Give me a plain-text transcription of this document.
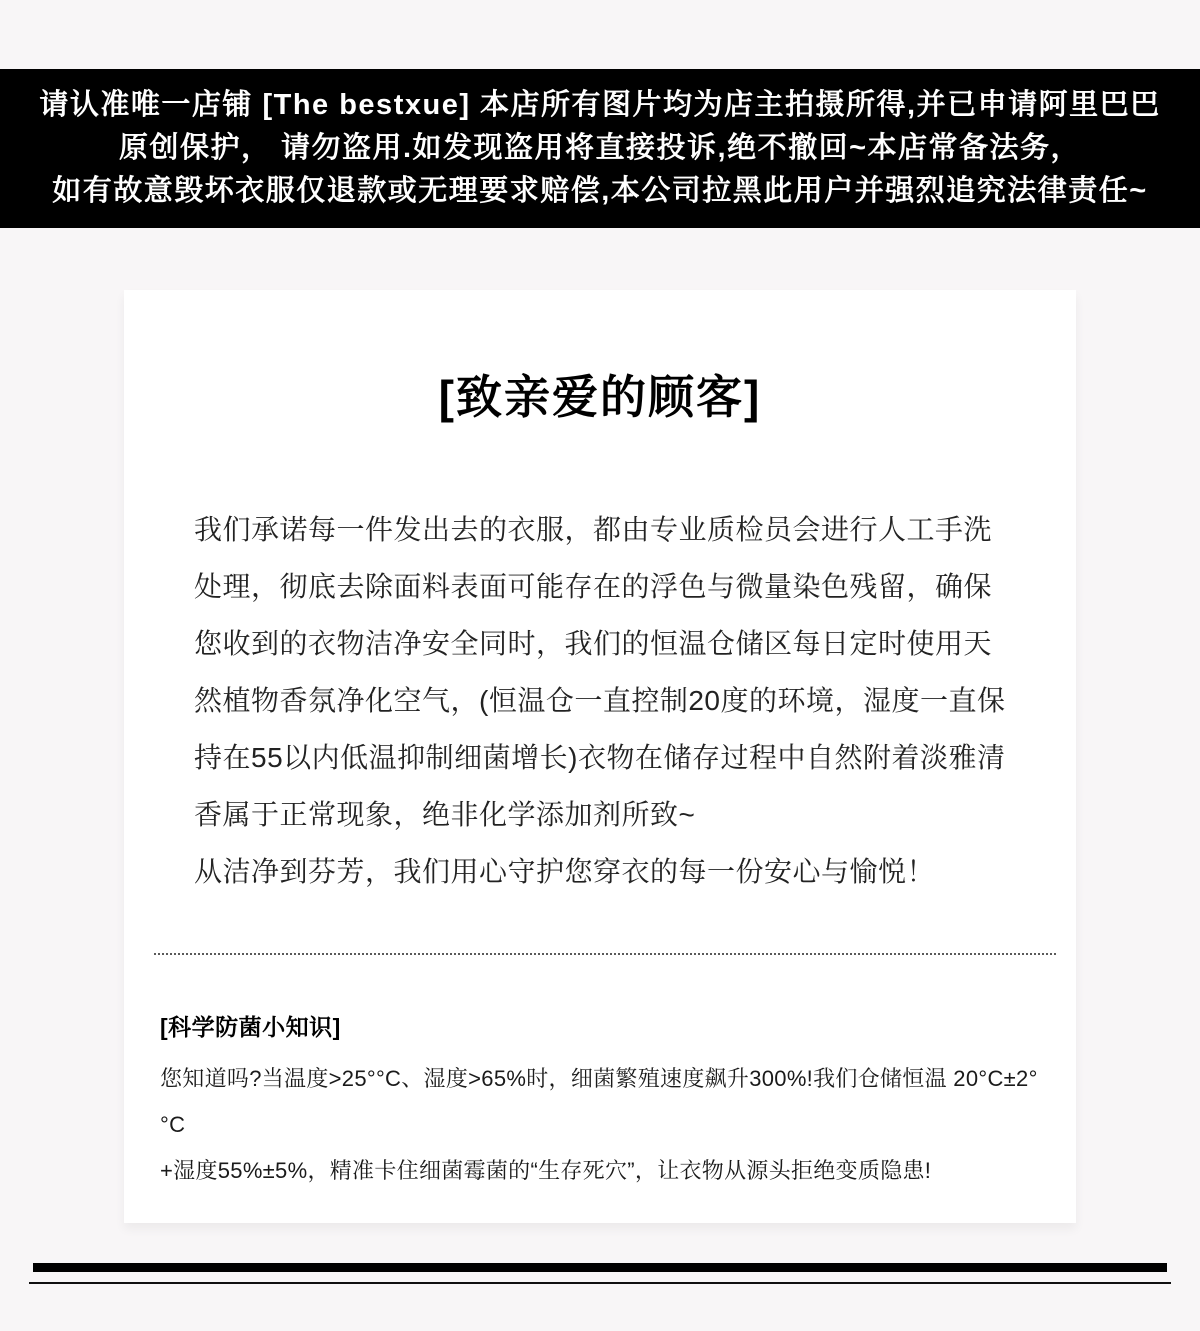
请认准唯一店铺 [The bestxue] 本店所有图片均为店主拍摄所得,并已申请阿里巴巴

原创保护， 请勿盗用.如发现盗用将直接投诉,绝不撤回~本店常备法务，

如有故意毁坏衣服仅退款或无理要求赔偿,本公司拉黑此用户并强烈追究法律责任~

[致亲爱的顾客]

我们承诺每一件发出去的衣服，都由专业质检员会进行人工手洗

处理，彻底去除面料表面可能存在的浮色与微量染色残留，确保

您收到的衣物洁净安全同时，我们的恒温仓储区每日定时使用天

然植物香氛净化空气，(恒温仓一直控制20度的环境，湿度一直保

持在55以内低温抑制细菌增长)衣物在储存过程中自然附着淡雅清

香属于正常现象，绝非化学添加剂所致~

从洁净到芬芳，我们用心守护您穿衣的每一份安心与愉悦！

[科学防菌小知识]

您知道吗?当温度>25°°C、湿度>65%时，细菌繁殖速度飙升300%!我们仓储恒温 20°C±2°°C

+湿度55%±5%，精准卡住细菌霉菌的“生存死穴”，让衣物从源头拒绝变质隐患!
